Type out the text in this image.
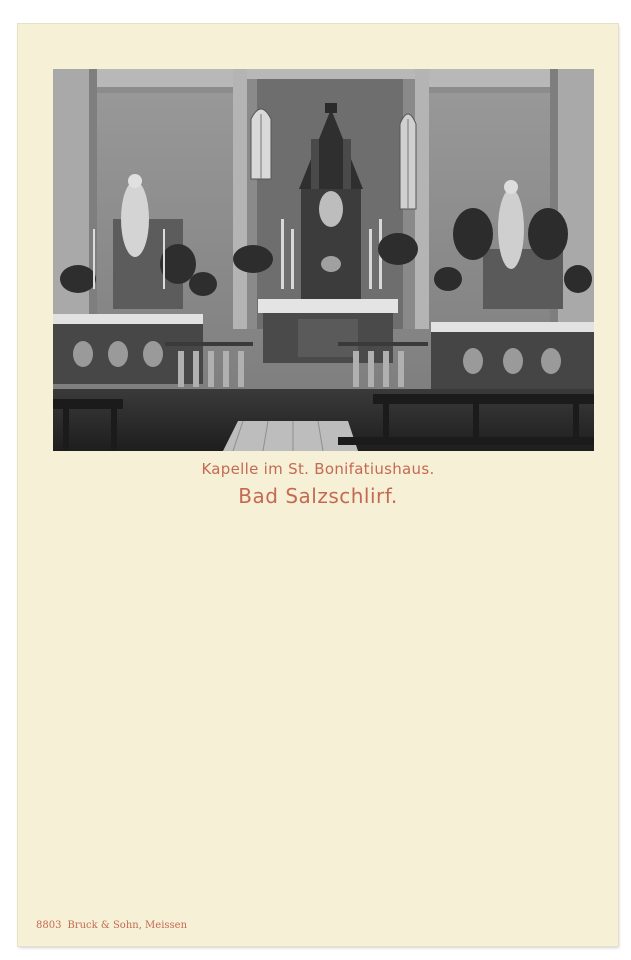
Kapelle im St. Bonifatiushaus.
Bad Salzschlirf.
8803 Bruck & Sohn, Meissen
